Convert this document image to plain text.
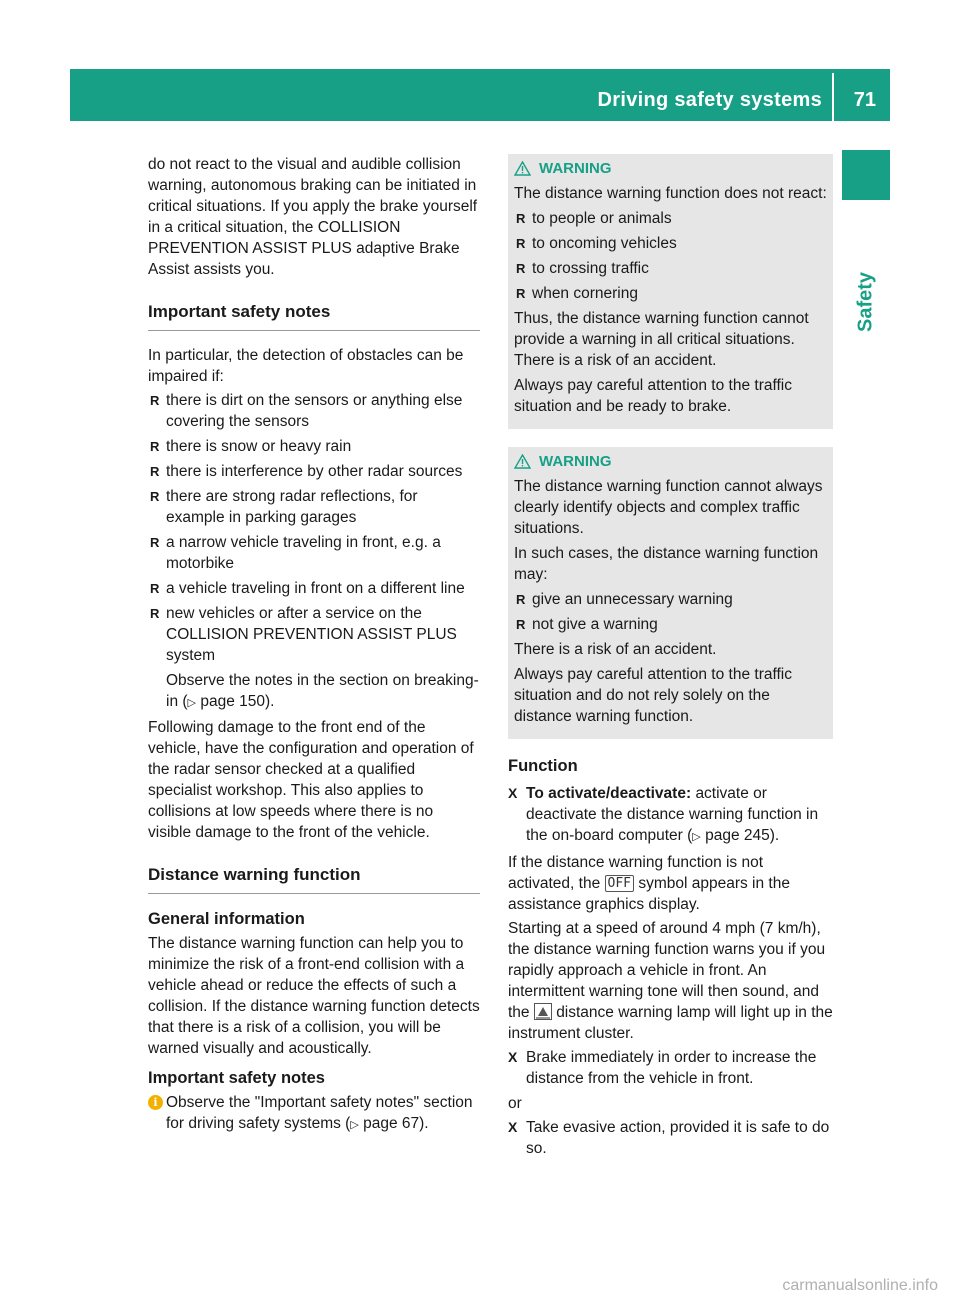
Driving safety systems 71
Safety

do not react to the visual and audible collision warning, autonomous braking can be initiated in critical situations. If you apply the brake yourself in a critical situation, the COLLISION PREVENTION ASSIST PLUS adaptive Brake Assist assists you.

Important safety notes

In particular, the detection of obstacles can be impaired if:

R there is dirt on the sensors or anything else covering the sensors
R there is snow or heavy rain
R there is interference by other radar sources
R there are strong radar reflections, for example in parking garages
R a narrow vehicle traveling in front, e.g. a motorbike
R a vehicle traveling in front on a different line
R new vehicles or after a service on the COLLISION PREVENTION ASSIST PLUS system

Observe the notes in the section on breaking-in (▷ page 150).

Following damage to the front end of the vehicle, have the configuration and operation of the radar sensor checked at a qualified specialist workshop. This also applies to collisions at low speeds where there is no visible damage to the front of the vehicle.

Distance warning function
General information

The distance warning function can help you to minimize the risk of a front-end collision with a vehicle ahead or reduce the effects of such a collision. If the distance warning function detects that there is a risk of a collision, you will be warned visually and acoustically.

Important safety notes

i Observe the "Important safety notes" section for driving safety systems (▷ page 67).

WARNING

The distance warning function does not react:

R to people or animals
R to oncoming vehicles
R to crossing traffic
R when cornering

Thus, the distance warning function cannot provide a warning in all critical situations. There is a risk of an accident.

Always pay careful attention to the traffic situation and be ready to brake.

WARNING

The distance warning function cannot always clearly identify objects and complex traffic situations.

In such cases, the distance warning function may:

R give an unnecessary warning
R not give a warning

There is a risk of an accident.

Always pay careful attention to the traffic situation and do not rely solely on the distance warning function.

Function

X To activate/deactivate: activate or deactivate the distance warning function in the on-board computer (▷ page 245).

If the distance warning function is not activated, the OFF symbol appears in the assistance graphics display.

Starting at a speed of around 4 mph (7 km/h), the distance warning function warns you if you rapidly approach a vehicle in front. An intermittent warning tone will then sound, and the distance warning lamp will light up in the instrument cluster.

X Brake immediately in order to increase the distance from the vehicle in front.

or

X Take evasive action, provided it is safe to do so.

carmanualsonline.info
